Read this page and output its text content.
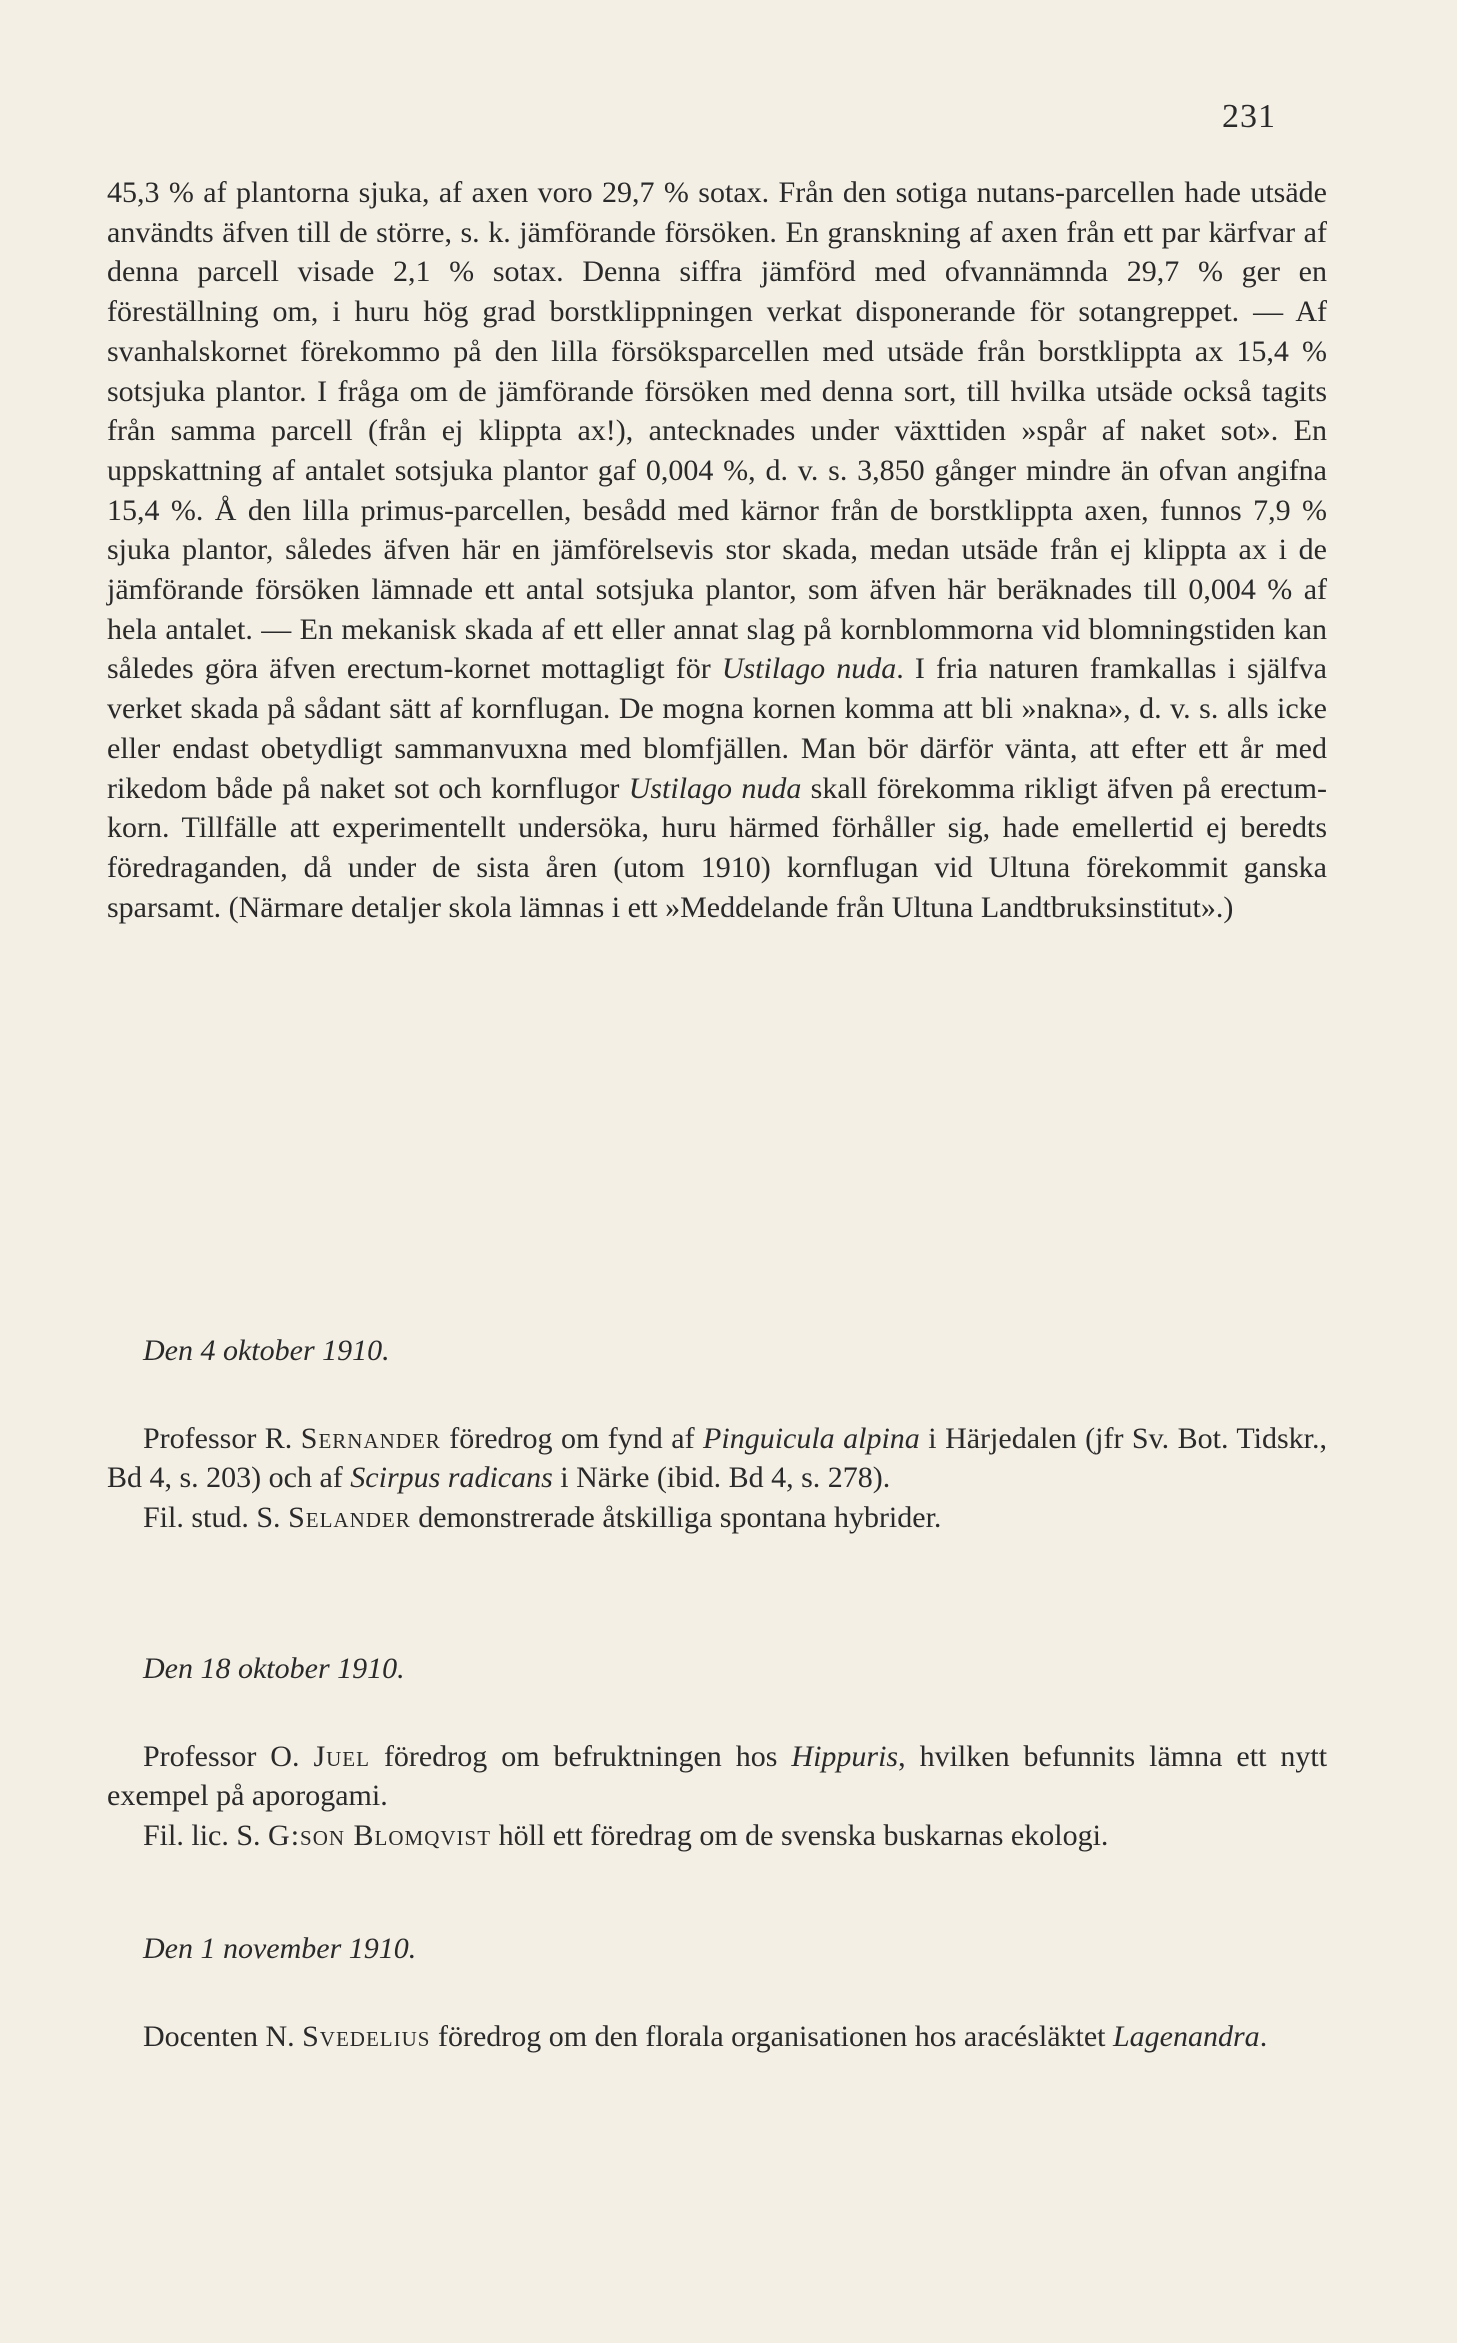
231
45,3 % af plantorna sjuka, af axen voro 29,7 % sotax. Från den sotiga nutans-parcellen hade utsäde användts äfven till de större, s. k. jämförande försöken. En granskning af axen från ett par kärfvar af denna parcell visade 2,1 % sotax. Denna siffra jämförd med ofvannämnda 29,7 % ger en föreställning om, i huru hög grad borstklippningen verkat disponerande för sotangreppet. — Af svanhalskornet förekommo på den lilla försöksparcellen med utsäde från borstklippta ax 15,4 % sotsjuka plantor. I fråga om de jämförande försöken med denna sort, till hvilka utsäde också tagits från samma parcell (från ej klippta ax!), antecknades under växttiden »spår af naket sot». En uppskattning af antalet sotsjuka plantor gaf 0,004 %, d. v. s. 3,850 gånger mindre än ofvan angifna 15,4 %. Å den lilla primus-parcellen, besådd med kärnor från de borstklippta axen, funnos 7,9 % sjuka plantor, således äfven här en jämförelsevis stor skada, medan utsäde från ej klippta ax i de jämförande försöken lämnade ett antal sotsjuka plantor, som äfven här beräknades till 0,004 % af hela antalet. — En mekanisk skada af ett eller annat slag på kornblommorna vid blomningstiden kan således göra äfven erectum-kornet mottagligt för Ustilago nuda. I fria naturen framkallas i själfva verket skada på sådant sätt af kornflugan. De mogna kornen komma att bli »nakna», d. v. s. alls icke eller endast obetydligt sammanvuxna med blomfjällen. Man bör därför vänta, att efter ett år med rikedom både på naket sot och kornflugor Ustilago nuda skall förekomma rikligt äfven på erectum-korn. Tillfälle att experimentellt undersöka, huru härmed förhåller sig, hade emellertid ej beredts föredraganden, då under de sista åren (utom 1910) kornflugan vid Ultuna förekommit ganska sparsamt. (Närmare detaljer skola lämnas i ett »Meddelande från Ultuna Landtbruksinstitut».)

Den 4 oktober 1910.

Professor R. Sernander föredrog om fynd af Pinguicula alpina i Härjedalen (jfr Sv. Bot. Tidskr., Bd 4, s. 203) och af Scirpus radicans i Närke (ibid. Bd 4, s. 278).

Fil. stud. S. Selander demonstrerade åtskilliga spontana hybrider.

Den 18 oktober 1910.

Professor O. Juel föredrog om befruktningen hos Hippuris, hvilken befunnits lämna ett nytt exempel på aporogami.

Fil. lic. S. G:son Blomqvist höll ett föredrag om de svenska buskarnas ekologi.

Den 1 november 1910.

Docenten N. Svedelius föredrog om den florala organisationen hos aracésläktet Lagenandra.
